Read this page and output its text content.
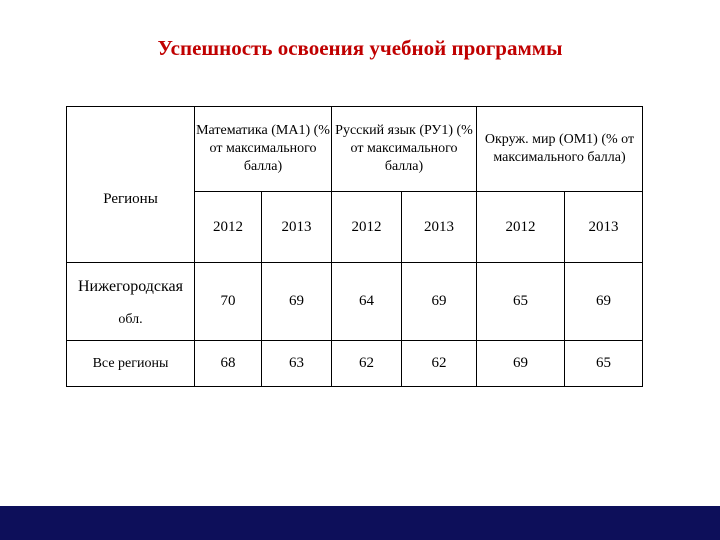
Успешность освоения учебной программы
Регионы	Математика (МА1) (% от максимального балла)		Русский язык (РУ1) (% от максимального балла)		Окруж. мир (ОМ1) (% от максимального балла)	
	2012	2013	2012	2013	2012	2013

Нижегородская
обл.	70	69	64	69	65	69
Все регионы	68	63	62	62	69	65
